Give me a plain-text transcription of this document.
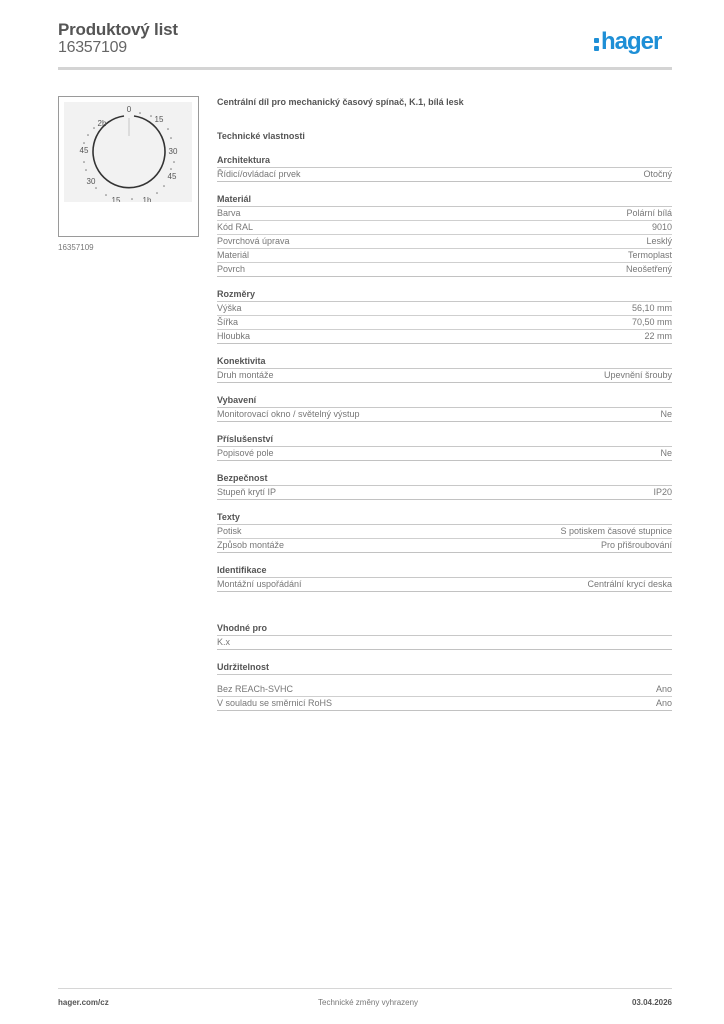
Produktový list
16357109	hager
0
15
30
45
1h
15
30
45
2h
16357109
Centrální díl pro mechanický časový spínač, K.1, bílá lesk
Technické vlastnosti
Architektura
Řídicí/ovládací prvek	Otočný
Materiál
Barva	Polární bílá
Kód RAL	9010
Povrchová úprava	Lesklý
Materiál	Termoplast
Povrch	Neošetřený
Rozměry
Výška	56,10 mm
Šířka	70,50 mm
Hloubka	22 mm
Konektivita
Druh montáže	Upevnění šrouby
Vybavení
Monitorovací okno / světelný výstup	Ne
Příslušenství
Popisové pole	Ne
Bezpečnost
Stupeň krytí IP	IP20
Texty
Potisk	S potiskem časové stupnice
Způsob montáže	Pro přišroubování
Identifikace
Montážní uspořádání	Centrální krycí deska
Vhodné pro
K.x
Udržitelnost
Bez REACh-SVHC	Ano
V souladu se směrnicí RoHS	Ano
hager.com/cz	Technické změny vyhrazeny	03.04.2026
